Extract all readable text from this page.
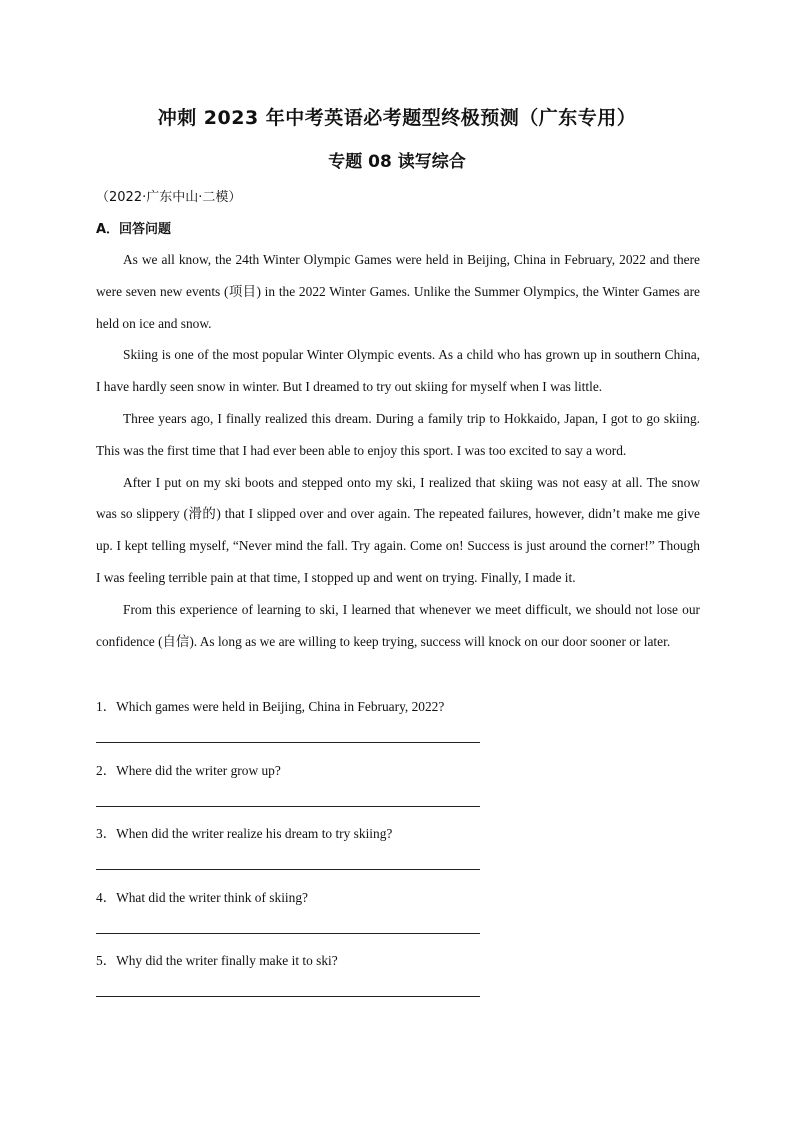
冲刺 2023 年中考英语必考题型终极预测（广东专用）
专题 08 读写综合
（2022·广东中山·二模）
A．回答问题

As we all know, the 24th Winter Olympic Games were held in Beijing, China in February, 2022 and there were seven new events (项目) in the 2022 Winter Games. Unlike the Summer Olympics, the Winter Games are held on ice and snow.

Skiing is one of the most popular Winter Olympic events. As a child who has grown up in southern China, I have hardly seen snow in winter. But I dreamed to try out skiing for myself when I was little.

Three years ago, I finally realized this dream. During a family trip to Hokkaido, Japan, I got to go skiing. This was the first time that I had ever been able to enjoy this sport. I was too excited to say a word.

After I put on my ski boots and stepped onto my ski, I realized that skiing was not easy at all. The snow was so slippery (滑的) that I slipped over and over again. The repeated failures, however, didn’t make me give up. I kept telling myself, “Never mind the fall. Try again. Come on! Success is just around the corner!” Though I was feeling terrible pain at that time, I stopped up and went on trying. Finally, I made it.

From this experience of learning to ski, I learned that whenever we meet difficult, we should not lose our confidence (自信). As long as we are willing to keep trying, success will knock on our door sooner or later.

1．Which games were held in Beijing, China in February, 2022?
2．Where did the writer grow up?
3．When did the writer realize his dream to try skiing?
4．What did the writer think of skiing?
5．Why did the writer finally make it to ski?
